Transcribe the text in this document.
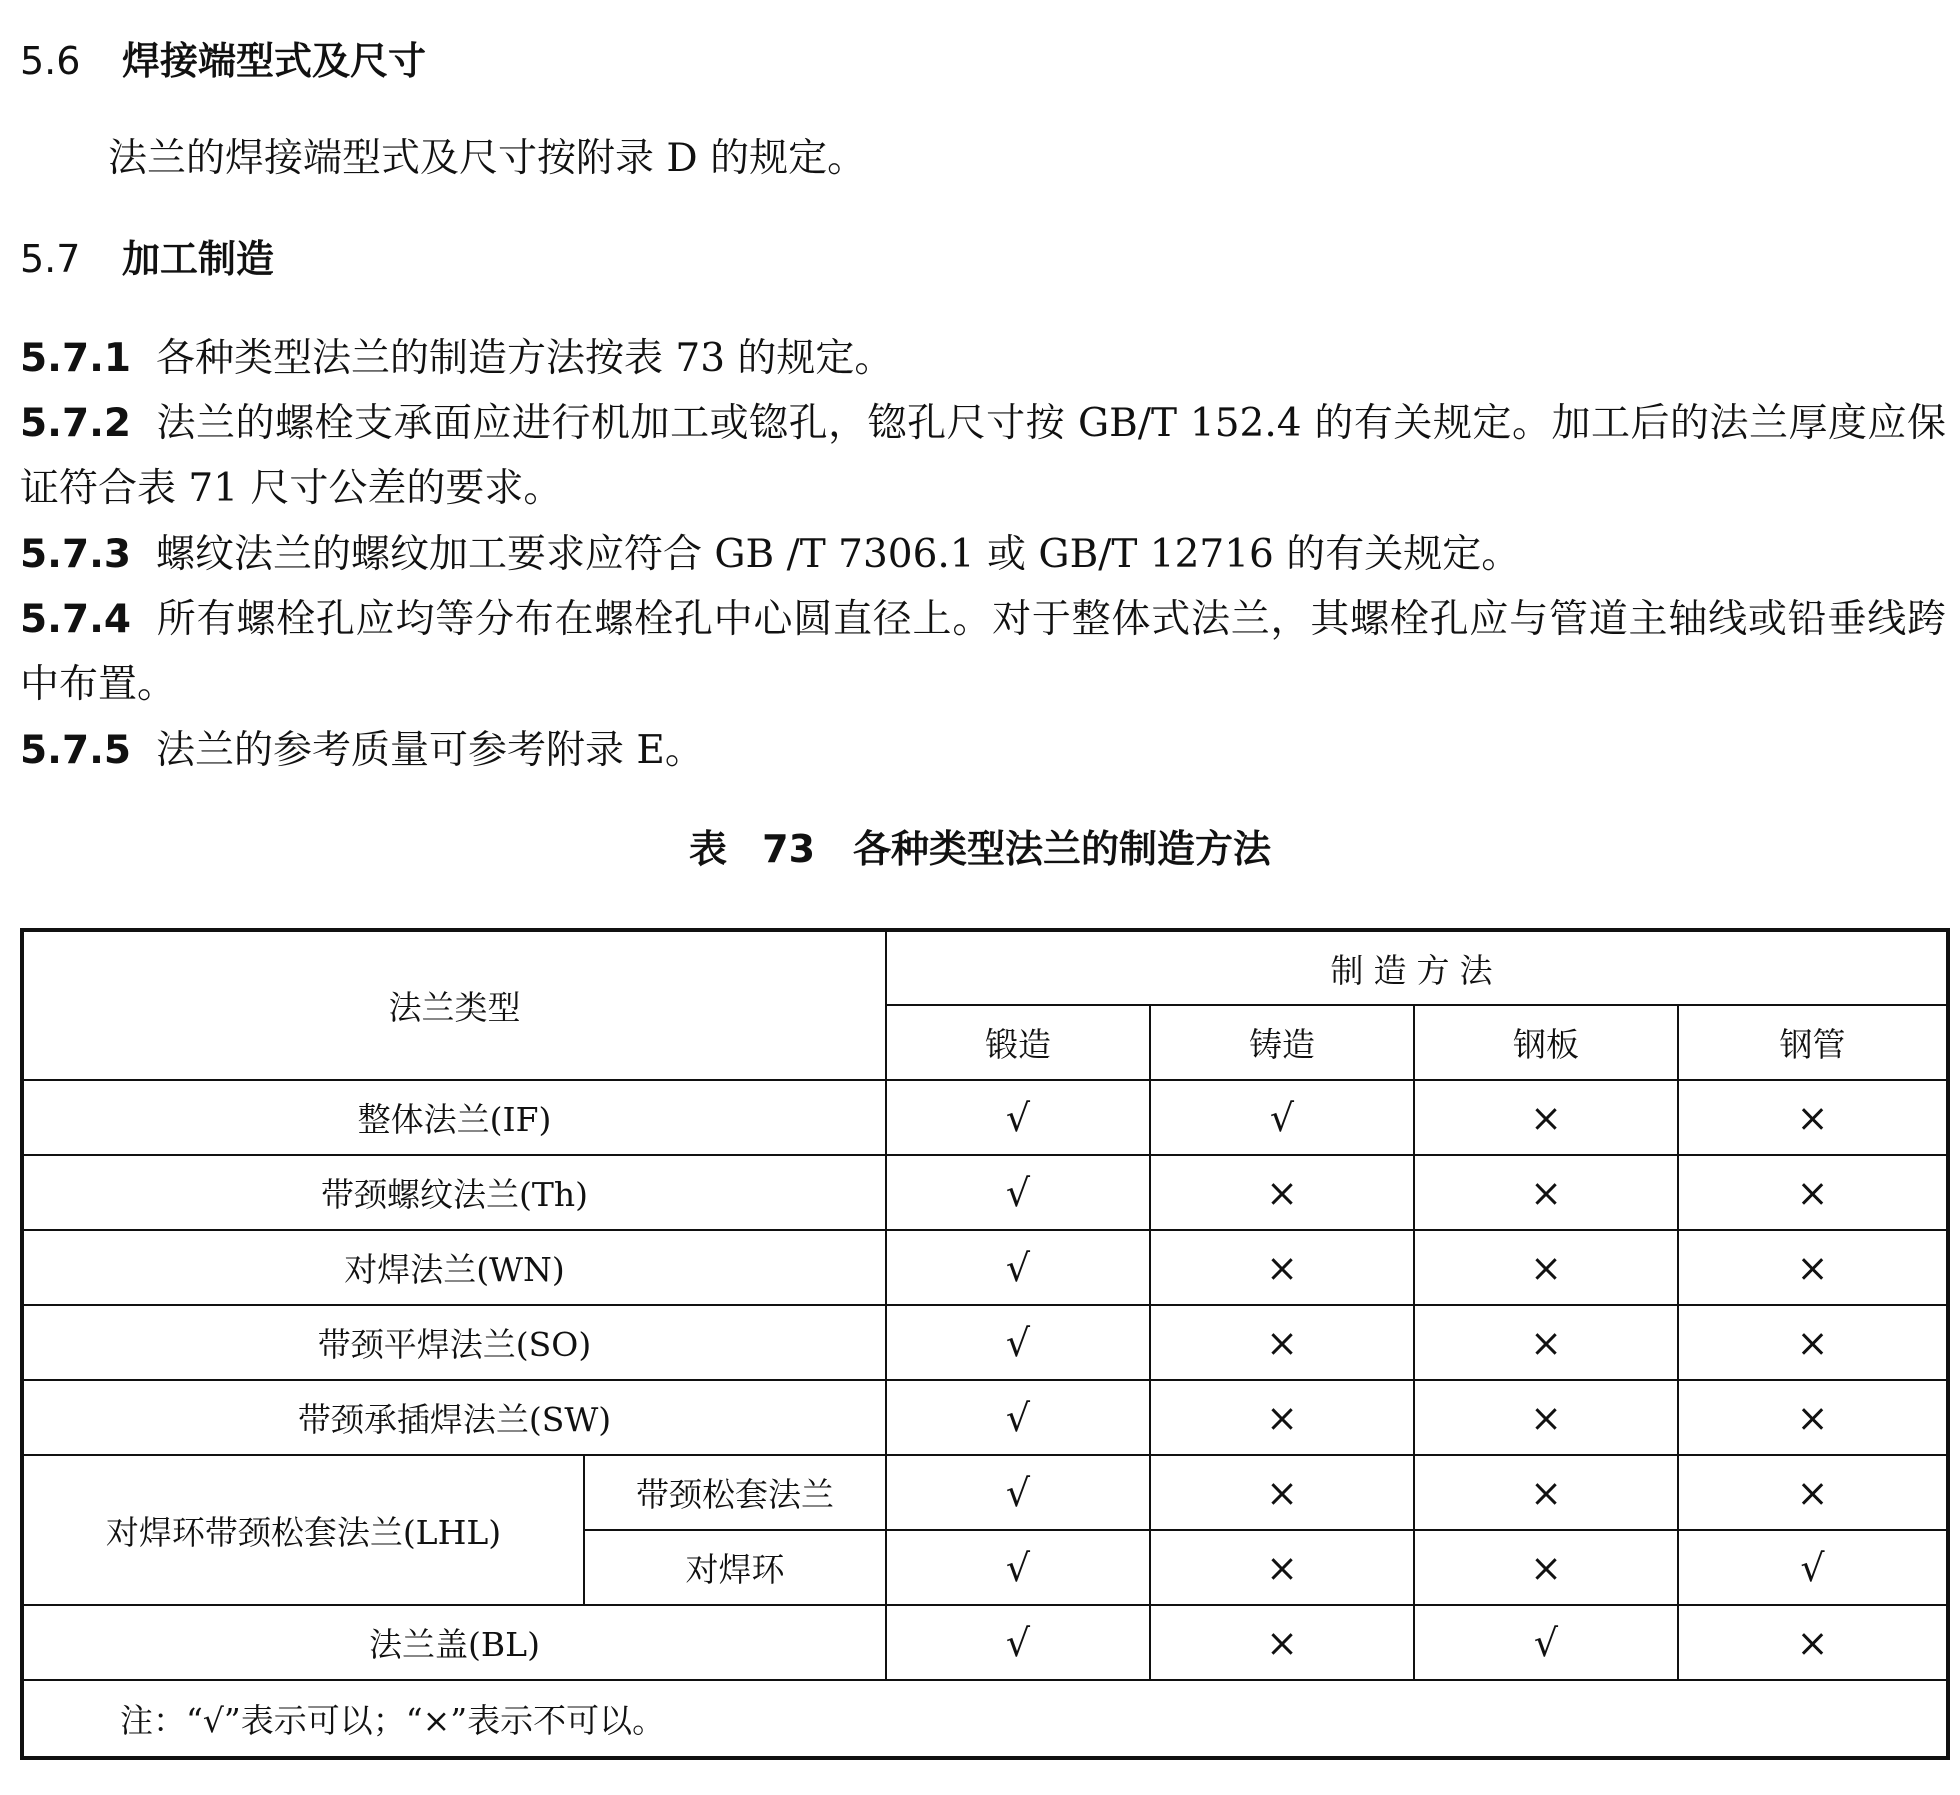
5.6 焊接端型式及尺寸

法兰的焊接端型式及尺寸按附录 D 的规定。

5.7 加工制造

5.7.1 各种类型法兰的制造方法按表 73 的规定。

5.7.2 法兰的螺栓支承面应进行机加工或锪孔，锪孔尺寸按 GB/T 152.4 的有关规定。加工后的法兰厚度应保证符合表 71 尺寸公差的要求。

5.7.3 螺纹法兰的螺纹加工要求应符合 GB /T 7306.1 或 GB/T 12716 的有关规定。

5.7.4 所有螺栓孔应均等分布在螺栓孔中心圆直径上。对于整体式法兰，其螺栓孔应与管道主轴线或铅垂线跨中布置。

5.7.5 法兰的参考质量可参考附录 E。

表 73　各种类型法兰的制造方法

法兰类型		制造方法			
		锻造	铸造	钢板	钢管
整体法兰(IF)		√	√	×	×
带颈螺纹法兰(Th)		√	×	×	×
对焊法兰(WN)		√	×	×	×
带颈平焊法兰(SO)		√	×	×	×
带颈承插焊法兰(SW)		√	×	×	×
对焊环带颈松套法兰(LHL)	带颈松套法兰	√	×	×	×
	对焊环	√	×	×	√
法兰盖(BL)		√	×	√	×
注：“√”表示可以；“×”表示不可以。					
